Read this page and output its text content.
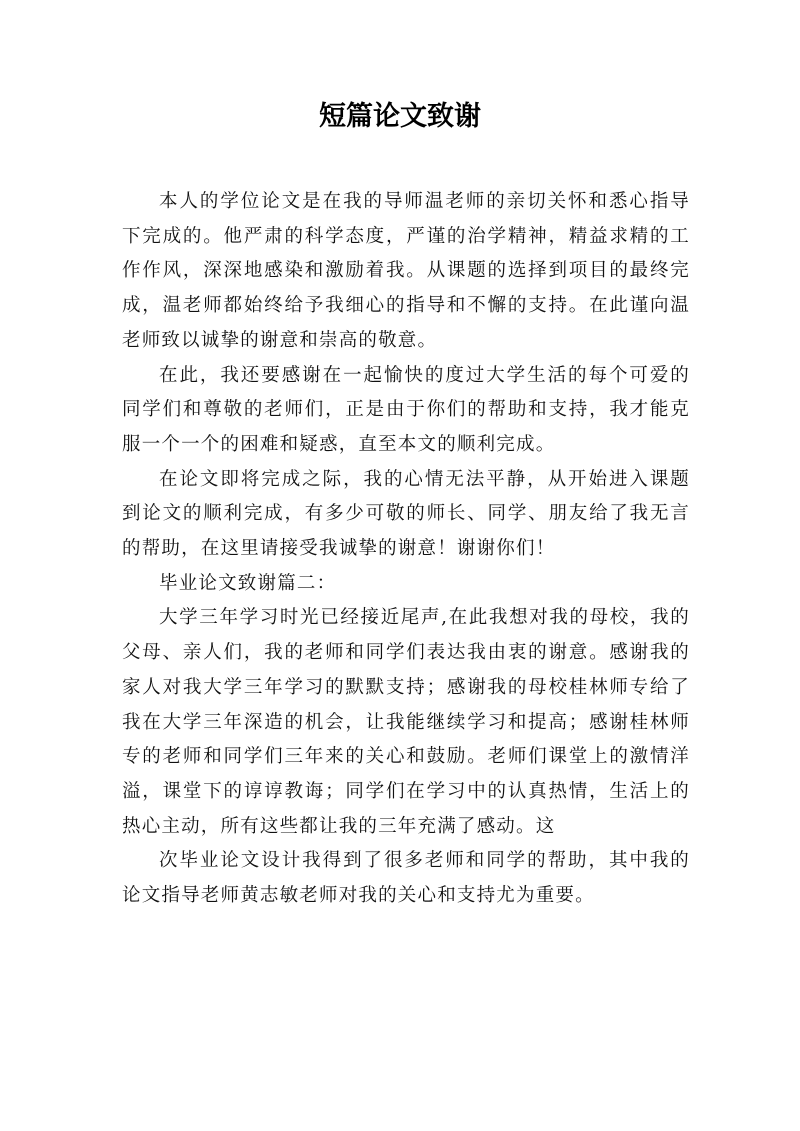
短篇论文致谢

本人的学位论文是在我的导师温老师的亲切关怀和悉心指导下完成的。他严肃的科学态度，严谨的治学精神，精益求精的工作作风，深深地感染和激励着我。从课题的选择到项目的最终完成，温老师都始终给予我细心的指导和不懈的支持。在此谨向温老师致以诚挚的谢意和崇高的敬意。

在此，我还要感谢在一起愉快的度过大学生活的每个可爱的同学们和尊敬的老师们，正是由于你们的帮助和支持，我才能克服一个一个的困难和疑惑，直至本文的顺利完成。

在论文即将完成之际，我的心情无法平静，从开始进入课题到论文的顺利完成，有多少可敬的师长、同学、朋友给了我无言的帮助，在这里请接受我诚挚的谢意！谢谢你们！

毕业论文致谢篇二：

大学三年学习时光已经接近尾声,在此我想对我的母校，我的父母、亲人们，我的老师和同学们表达我由衷的谢意。感谢我的家人对我大学三年学习的默默支持；感谢我的母校桂林师专给了我在大学三年深造的机会，让我能继续学习和提高；感谢桂林师专的老师和同学们三年来的关心和鼓励。老师们课堂上的激情洋溢，课堂下的谆谆教诲；同学们在学习中的认真热情，生活上的热心主动，所有这些都让我的三年充满了感动。这

次毕业论文设计我得到了很多老师和同学的帮助，其中我的论文指导老师黄志敏老师对我的关心和支持尤为重要。
